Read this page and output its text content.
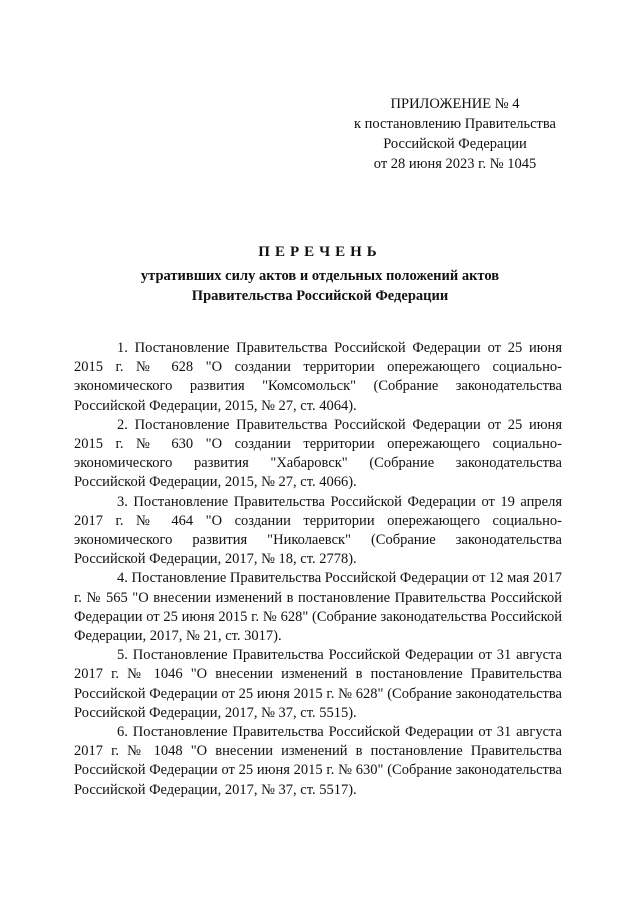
ПРИЛОЖЕНИЕ № 4
к постановлению Правительства
Российской Федерации
от 28 июня 2023 г. № 1045
ПЕРЕЧЕНЬ
утративших силу актов и отдельных положений актов
Правительства Российской Федерации

1. Постановление Правительства Российской Федерации от 25 июня 2015 г. № 628 "О создании территории опережающего социально-экономического развития "Комсомольск" (Собрание законодательства Российской Федерации, 2015, № 27, ст. 4064).

2. Постановление Правительства Российской Федерации от 25 июня 2015 г. № 630 "О создании территории опережающего социально-экономического развития "Хабаровск" (Собрание законодательства Российской Федерации, 2015, № 27, ст. 4066).

3. Постановление Правительства Российской Федерации от 19 апреля 2017 г. № 464 "О создании территории опережающего социально-экономического развития "Николаевск" (Собрание законодательства Российской Федерации, 2017, № 18, ст. 2778).

4. Постановление Правительства Российской Федерации от 12 мая 2017 г. № 565 "О внесении изменений в постановление Правительства Российской Федерации от 25 июня 2015 г. № 628" (Собрание законодательства Российской Федерации, 2017, № 21, ст. 3017).

5. Постановление Правительства Российской Федерации от 31 августа 2017 г. № 1046 "О внесении изменений в постановление Правительства Российской Федерации от 25 июня 2015 г. № 628" (Собрание законодательства Российской Федерации, 2017, № 37, ст. 5515).

6. Постановление Правительства Российской Федерации от 31 августа 2017 г. № 1048 "О внесении изменений в постановление Правительства Российской Федерации от 25 июня 2015 г. № 630" (Собрание законодательства Российской Федерации, 2017, № 37, ст. 5517).
